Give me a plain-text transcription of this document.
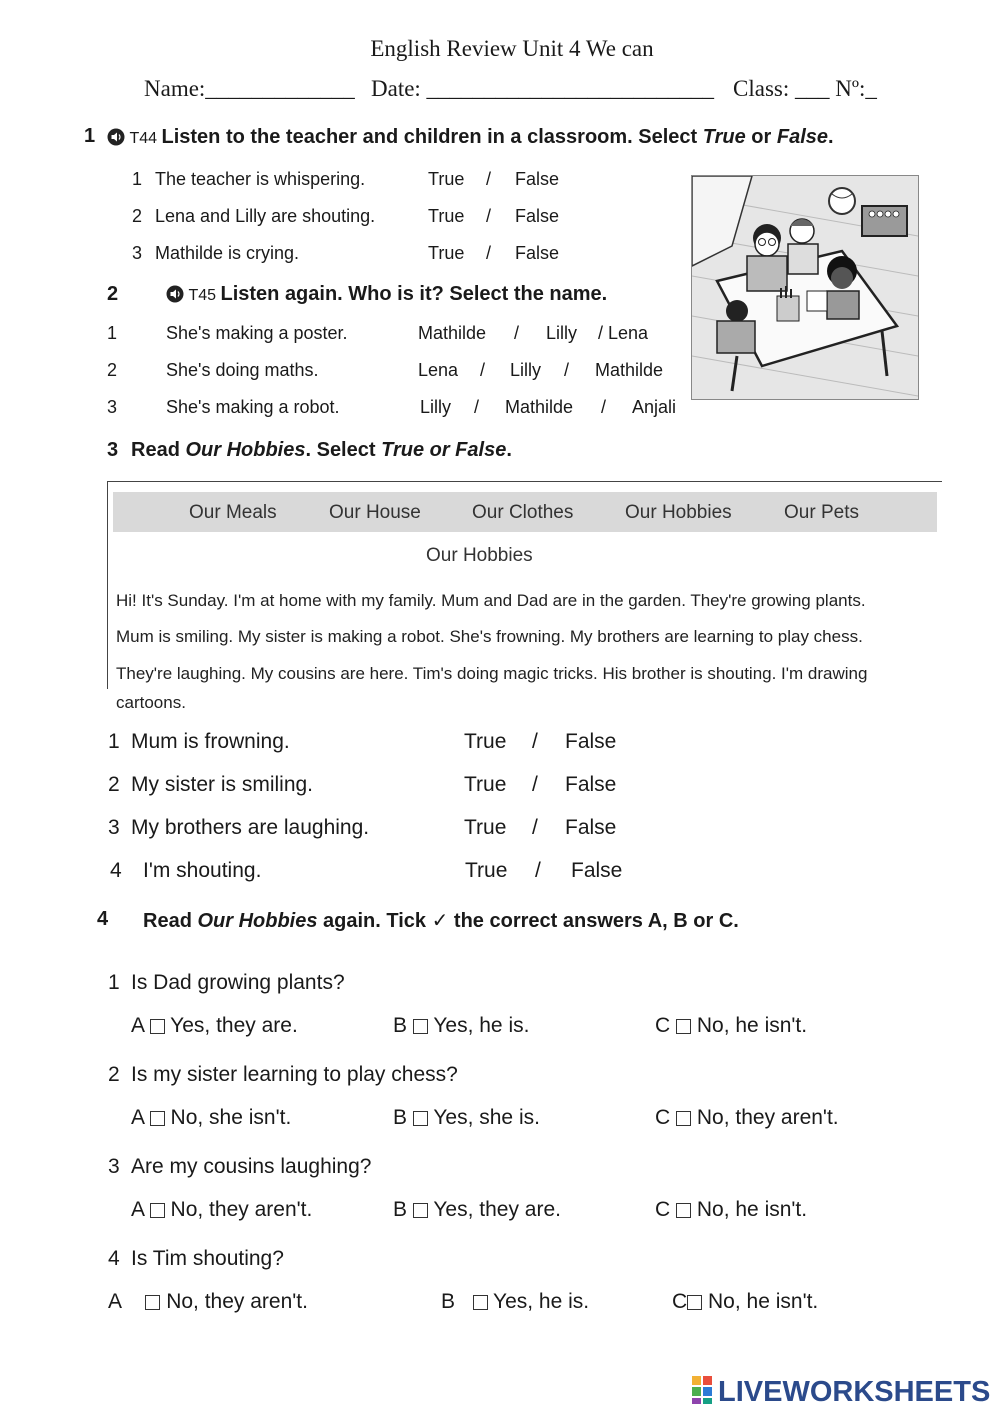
English Review Unit 4 We can
Name:_____________ Date: _________________________ Class: ___ Nº:_
1	T44 Listen to the teacher and children in a classroom. Select True or False.
1 The teacher is whispering.	True / False
2 Lena and Lilly are shouting.	True / False
3 Mathilde is crying.	True / False
2	T45 Listen again. Who is it? Select the name.
1	She's making a poster.	Mathilde / Lilly / Lena
2	She's doing maths.	Lena / Lilly / Mathilde
3	She's making a robot.	Lilly / Mathilde / Anjali
3 Read Our Hobbies. Select True or False.
Our Meals	Our House	Our Clothes	Our Hobbies	Our Pets
Our Hobbies
Hi! It's Sunday. I'm at home with my family. Mum and Dad are in the garden. They're growing plants.
Mum is smiling. My sister is making a robot. She's frowning. My brothers are learning to play chess.
They're laughing. My cousins are here. Tim's doing magic tricks. His brother is shouting. I'm drawing
cartoons.
1 Mum is frowning.	True / False
2 My sister is smiling.	True / False
3 My brothers are laughing.	True / False
4 I'm shouting.	True / False
4 Read Our Hobbies again. Tick ✓ the correct answers A, B or C.
1 Is Dad growing plants?
A Yes, they are.	B Yes, he is.	C No, he isn't.
2 Is my sister learning to play chess?
A No, she isn't.	B Yes, she is.	C No, they aren't.
3 Are my cousins laughing?
A No, they aren't.	B Yes, they are.	C No, he isn't.
4 Is Tim shouting?
A No, they aren't.	B Yes, he is.	C No, he isn't.
LIVEWORKSHEETS
